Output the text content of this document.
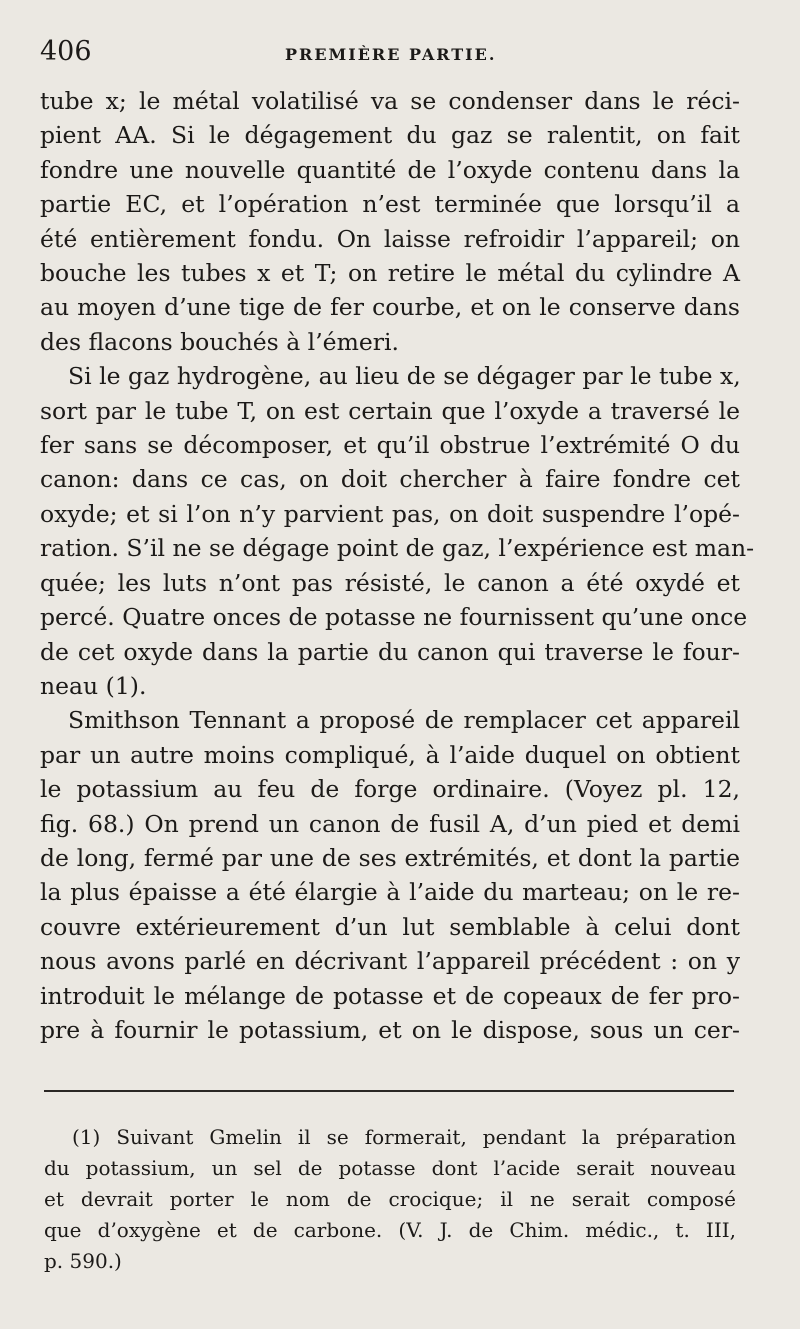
406	PREMIÈRE PARTIE.

tube x; le métal volatilisé va se condenser dans le réci-
pient AA. Si le dégagement du gaz se ralentit, on fait
fondre une nouvelle quantité de l’oxyde contenu dans la
partie EC, et l’opération n’est terminée que lorsqu’il a
été entièrement fondu. On laisse refroidir l’appareil; on
bouche les tubes x et T; on retire le métal du cylindre A
au moyen d’une tige de fer courbe, et on le conserve dans
des flacons bouchés à l’émeri.

Si le gaz hydrogène, au lieu de se dégager par le tube x,
sort par le tube T, on est certain que l’oxyde a traversé le
fer sans se décomposer, et qu’il obstrue l’extrémité O du
canon: dans ce cas, on doit chercher à faire fondre cet
oxyde; et si l’on n’y parvient pas, on doit suspendre l’opé-
ration. S’il ne se dégage point de gaz, l’expérience est man-
quée; les luts n’ont pas résisté, le canon a été oxydé et
percé. Quatre onces de potasse ne fournissent qu’une once
de cet oxyde dans la partie du canon qui traverse le four-
neau (1).

Smithson Tennant a proposé de remplacer cet appareil
par un autre moins compliqué, à l’aide duquel on obtient
le potassium au feu de forge ordinaire. (Voyez pl. 12,
fig. 68.) On prend un canon de fusil A, d’un pied et demi
de long, fermé par une de ses extrémités, et dont la partie
la plus épaisse a été élargie à l’aide du marteau; on le re-
couvre extérieurement d’un lut semblable à celui dont
nous avons parlé en décrivant l’appareil précédent : on y
introduit le mélange de potasse et de copeaux de fer pro-
pre à fournir le potassium, et on le dispose, sous un cer-

(1) Suivant Gmelin il se formerait, pendant la préparation
du potassium, un sel de potasse dont l’acide serait nouveau
et devrait porter le nom de crocique; il ne serait composé
que d’oxygène et de carbone. (V. J. de Chim. médic., t. III,
p. 590.)
